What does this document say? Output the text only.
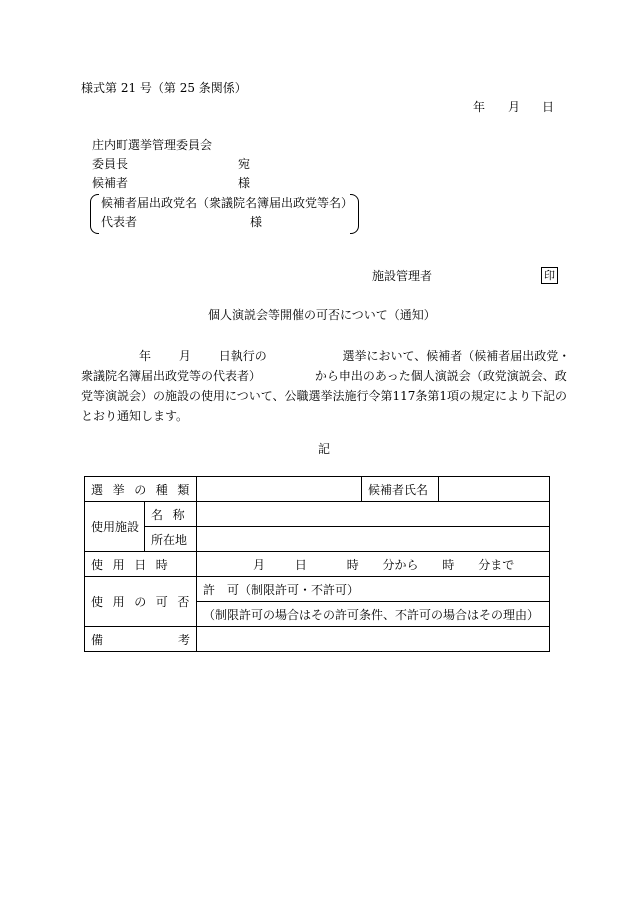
様式第 21 号（第 25 条関係）
年 月 日
庄内町選挙管理委員会
委員長	宛
候補者	様
候補者届出政党名（衆議院名簿届出政党等名）
代表者	様
施設管理者	印
個人演説会等開催の可否について（通知）
年 月 日執行の	選挙において、候補者（候補者届出政党・
衆議院名簿届出政党等の代表者）	から申出のあった個人演説会（政党演説会、政
党等演説会）の施設の使用について、公職選挙法施行令第117条第1項の規定により下記の
とおり通知します。
記
選挙の種類			候補者氏名	
使用施設	名称			
	所在地			
使用日時		月 日 時 分から 時 分まで		
使用の可否		許　可（制限許可・不許可）		
		（制限許可の場合はその許可条件、不許可の場合はその理由）		
備考				
